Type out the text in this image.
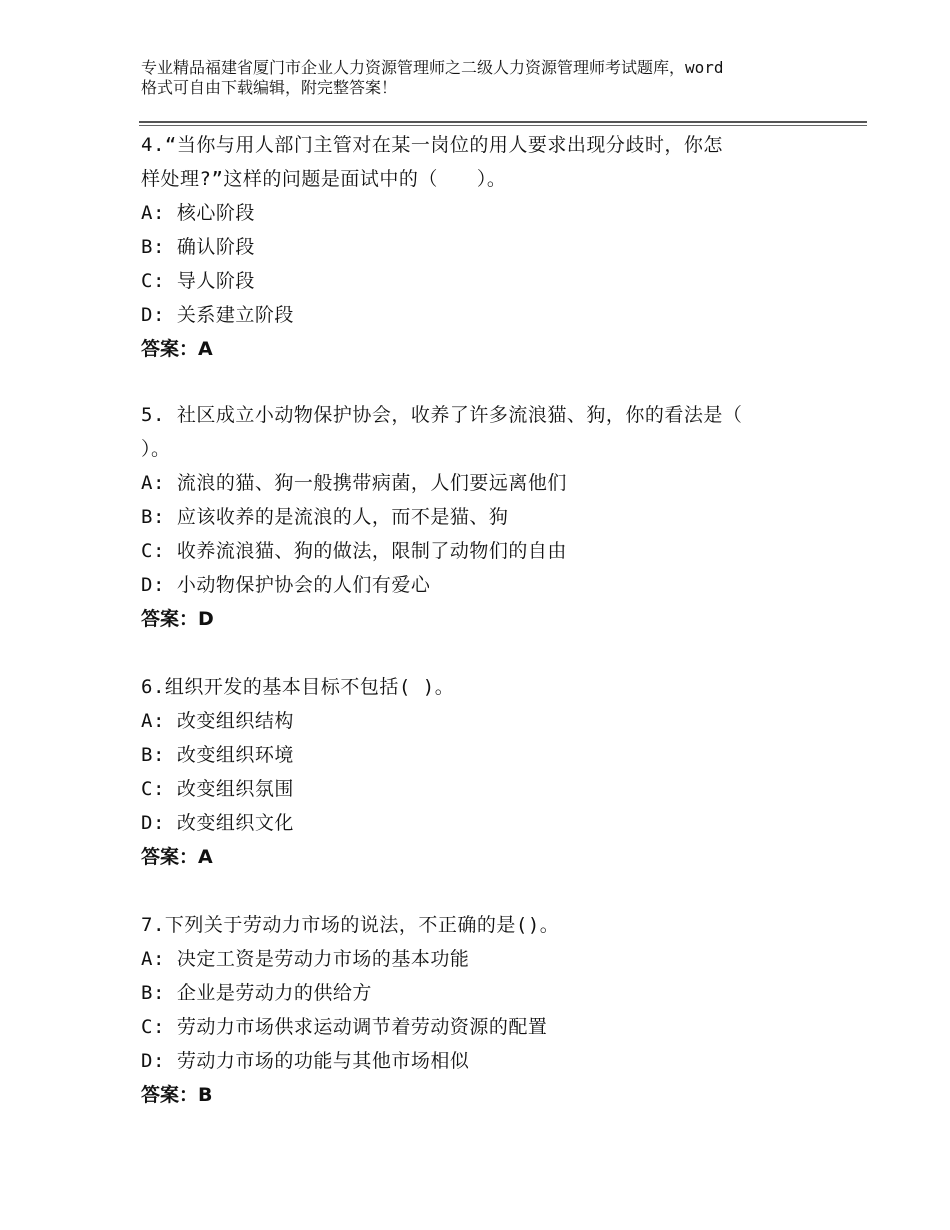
专业精品福建省厦门市企业人力资源管理师之二级人力资源管理师考试题库，word
格式可自由下载编辑，附完整答案！

4.“当你与用人部门主管对在某一岗位的用人要求出现分歧时，你怎

样处理?”这样的问题是面试中的（　　）。

A: 核心阶段

B: 确认阶段

C: 导人阶段

D: 关系建立阶段

答案：A

5. 社区成立小动物保护协会，收养了许多流浪猫、狗，你的看法是（

）。

A: 流浪的猫、狗一般携带病菌，人们要远离他们

B: 应该收养的是流浪的人，而不是猫、狗

C: 收养流浪猫、狗的做法，限制了动物们的自由

D: 小动物保护协会的人们有爱心

答案：D

6.组织开发的基本目标不包括( )。

A: 改变组织结构

B: 改变组织环境

C: 改变组织氛围

D: 改变组织文化

答案：A

7.下列关于劳动力市场的说法，不正确的是()。

A: 决定工资是劳动力市场的基本功能

B: 企业是劳动力的供给方

C: 劳动力市场供求运动调节着劳动资源的配置

D: 劳动力市场的功能与其他市场相似

答案：B
